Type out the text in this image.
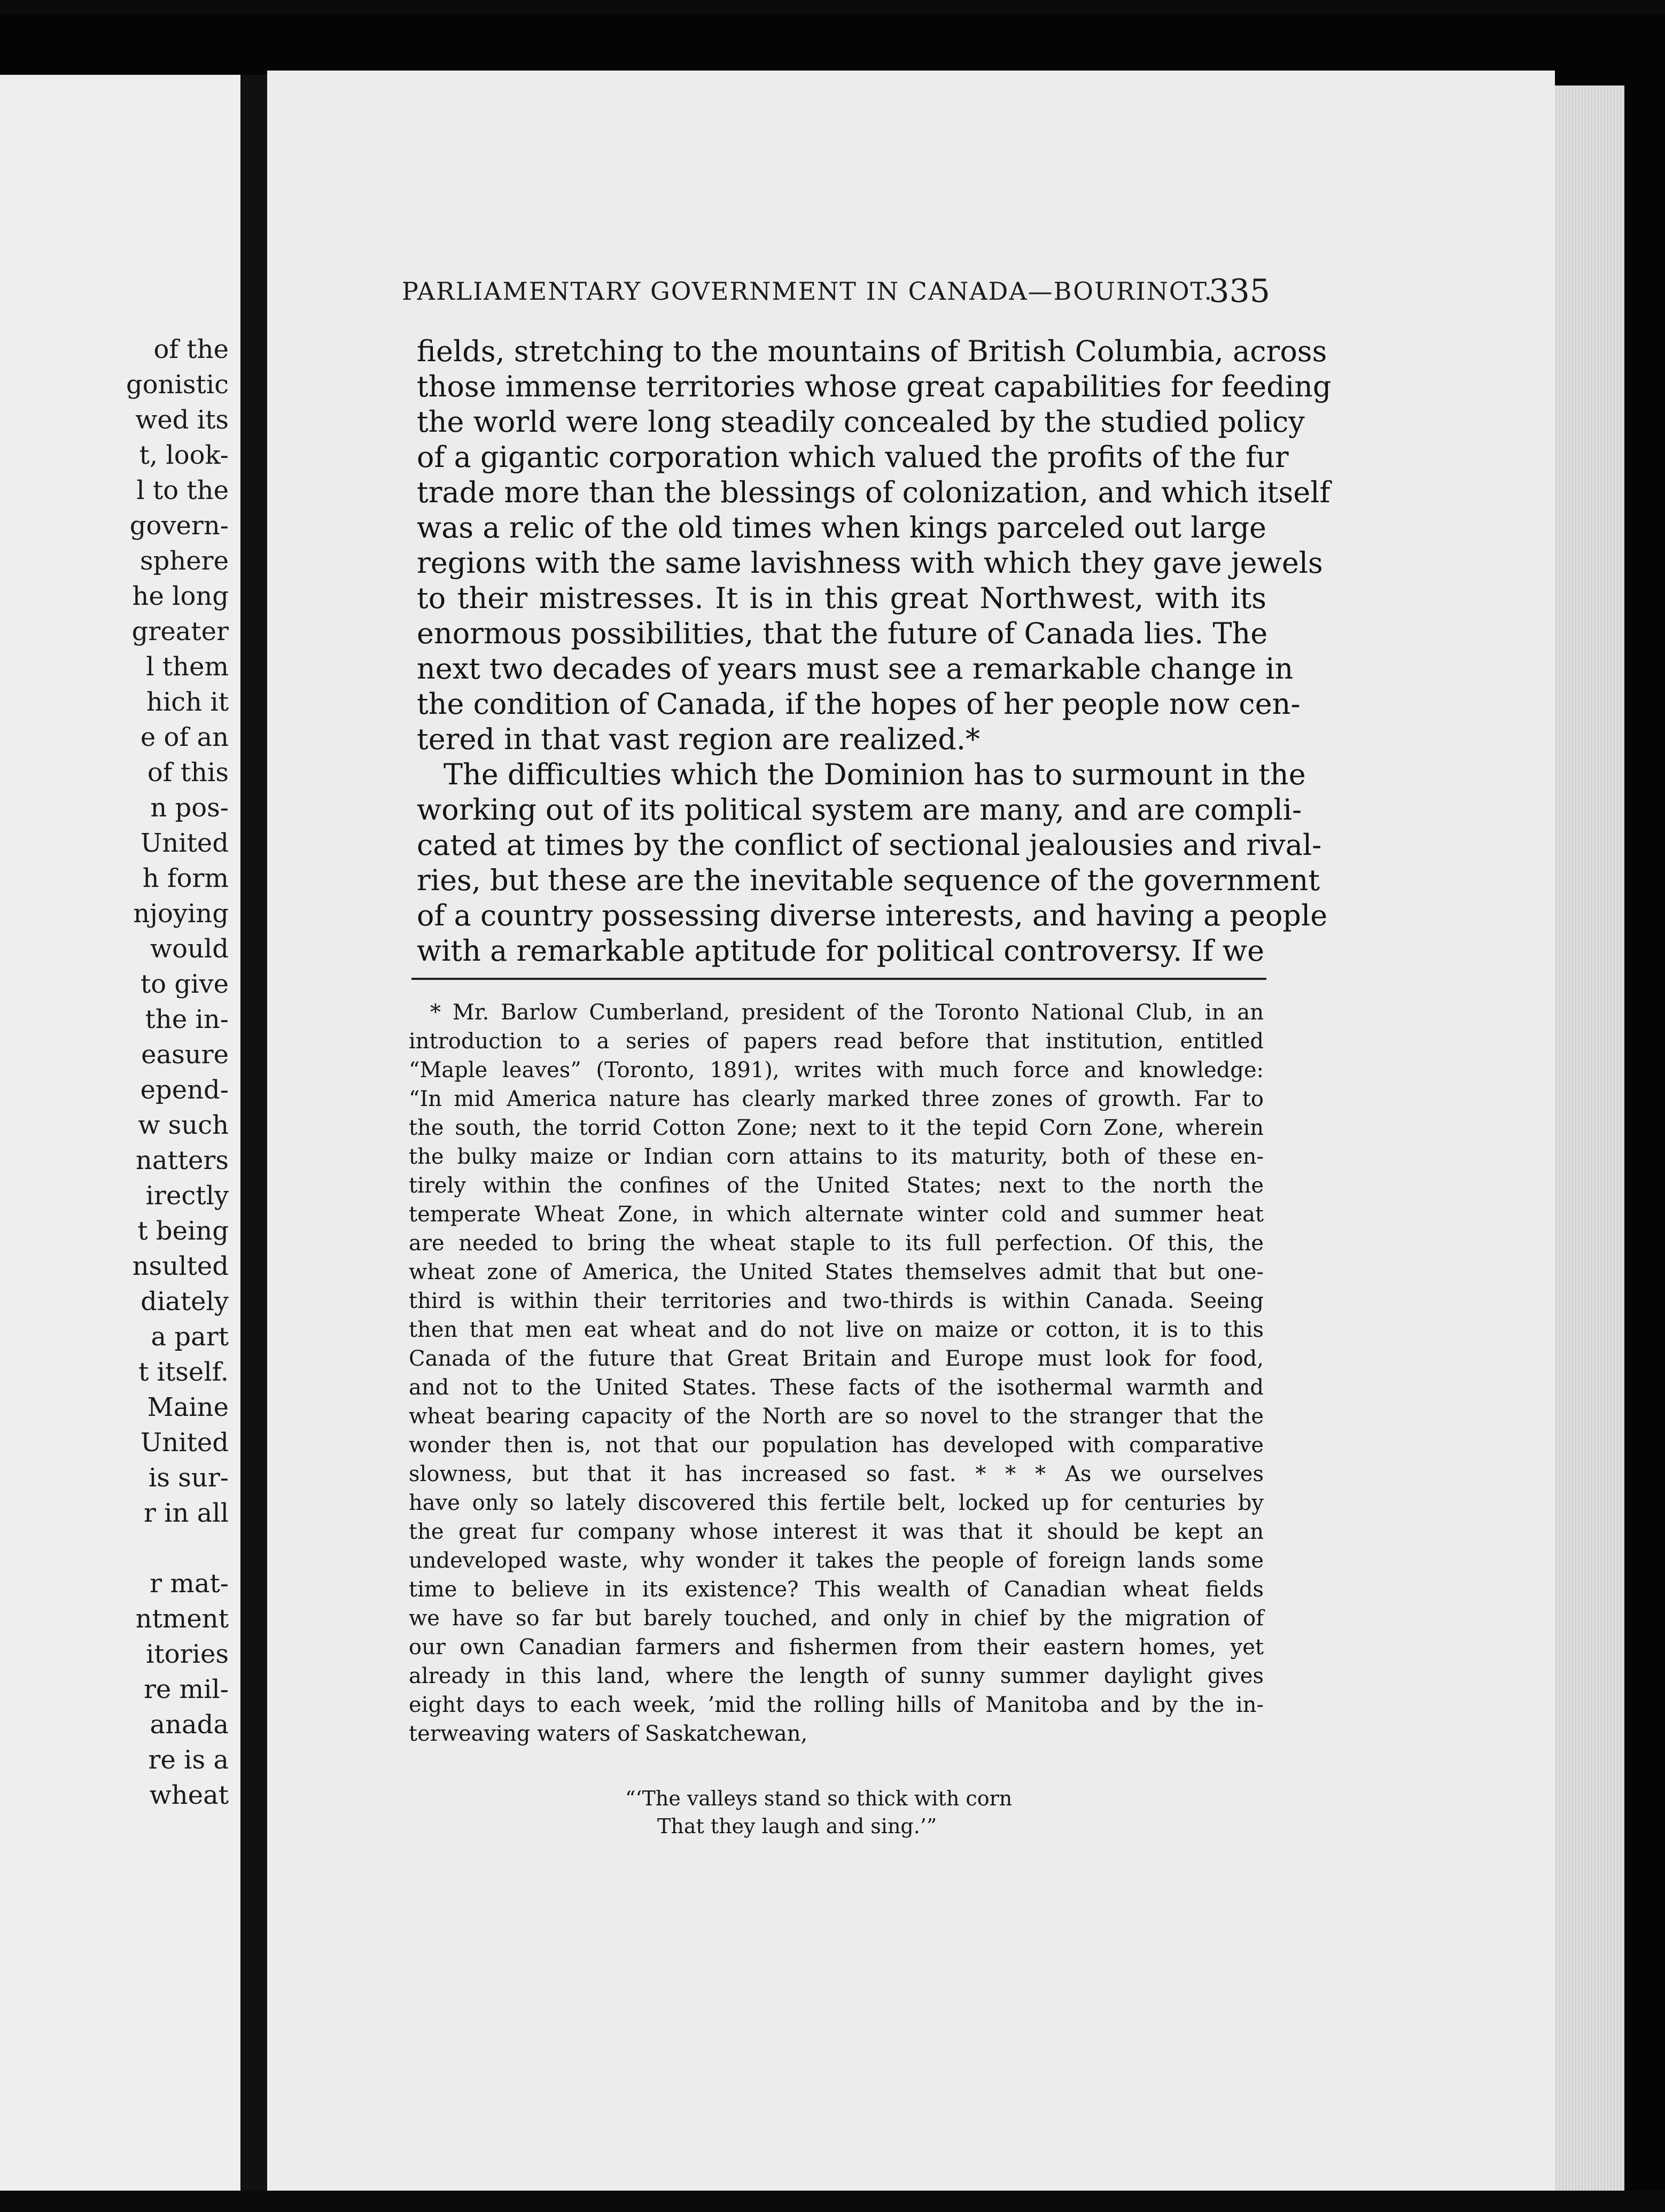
of the
gonistic
wed its
t, look-
l to the
govern-
sphere
he long
greater
l them
hich it
e of an
of this
n pos-
United
h form
njoying
would
to give
the in-
easure
epend-
w such
natters
irectly
t being
nsulted
diately
a part
t itself.
Maine
United
is sur-
r in all
r mat-
ntment
itories
re mil-
anada
re is a
wheat
PARLIAMENTARY GOVERNMENT IN CANADA—BOURINOT.
335
fields, stretching to the mountains of British Columbia, across
those immense territories whose great capabilities for feeding
the world were long steadily concealed by the studied policy
of a gigantic corporation which valued the profits of the fur
trade more than the blessings of colonization, and which itself
was a relic of the old times when kings parceled out large
regions with the same lavishness with which they gave jewels
to their mistresses. It is in this great Northwest, with its
enormous possibilities, that the future of Canada lies. The
next two decades of years must see a remarkable change in
the condition of Canada, if the hopes of her people now cen-
tered in that vast region are realized.*
The difficulties which the Dominion has to surmount in the
working out of its political system are many, and are compli-
cated at times by the conflict of sectional jealousies and rival-
ries, but these are the inevitable sequence of the government
of a country possessing diverse interests, and having a people
with a remarkable aptitude for political controversy. If we
* Mr. Barlow Cumberland, president of the Toronto National Club, in an
introduction to a series of papers read before that institution, entitled
“Maple leaves” (Toronto, 1891), writes with much force and knowledge:
“In mid America nature has clearly marked three zones of growth. Far to
the south, the torrid Cotton Zone; next to it the tepid Corn Zone, wherein
the bulky maize or Indian corn attains to its maturity, both of these en-
tirely within the confines of the United States; next to the north the
temperate Wheat Zone, in which alternate winter cold and summer heat
are needed to bring the wheat staple to its full perfection. Of this, the
wheat zone of America, the United States themselves admit that but one-
third is within their territories and two-thirds is within Canada. Seeing
then that men eat wheat and do not live on maize or cotton, it is to this
Canada of the future that Great Britain and Europe must look for food,
and not to the United States. These facts of the isothermal warmth and
wheat bearing capacity of the North are so novel to the stranger that the
wonder then is, not that our population has developed with comparative
slowness, but that it has increased so fast. * * * As we ourselves
have only so lately discovered this fertile belt, locked up for centuries by
the great fur company whose interest it was that it should be kept an
undeveloped waste, why wonder it takes the people of foreign lands some
time to believe in its existence? This wealth of Canadian wheat fields
we have so far but barely touched, and only in chief by the migration of
our own Canadian farmers and fishermen from their eastern homes, yet
already in this land, where the length of sunny summer daylight gives
eight days to each week, ’mid the rolling hills of Manitoba and by the in-
terweaving waters of Saskatchewan,
“‘The valleys stand so thick with corn
That they laugh and sing.’”
